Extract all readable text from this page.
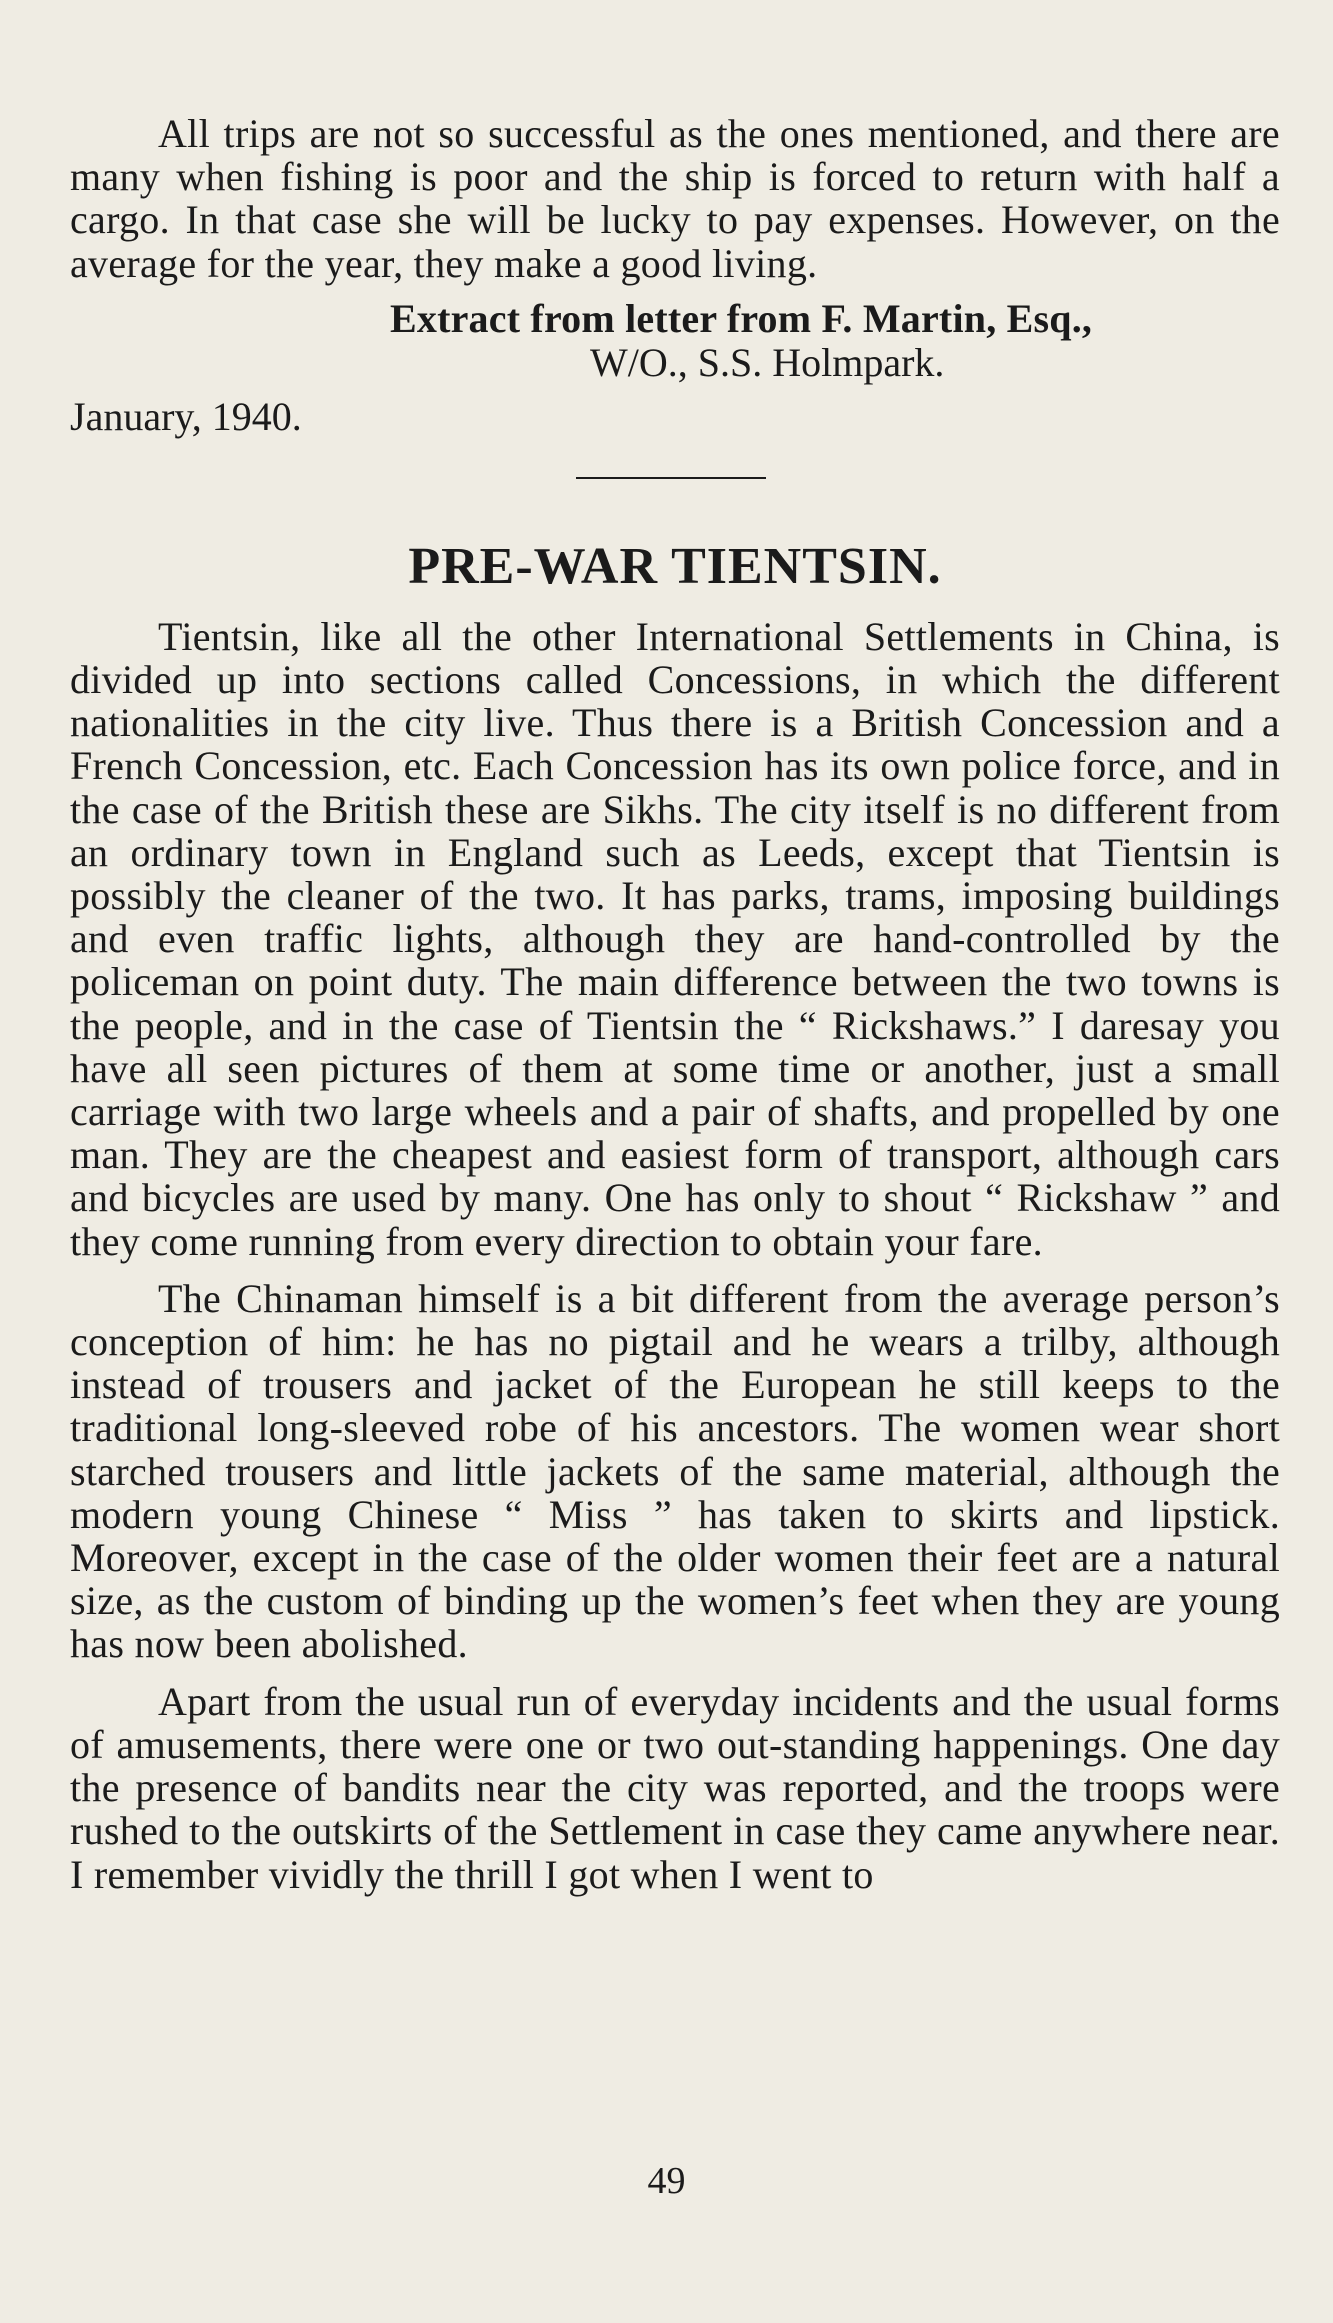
All trips are not so successful as the ones mentioned, and there are many when fishing is poor and the ship is forced to return with half a cargo. In that case she will be lucky to pay expenses. However, on the average for the year, they make a good living.

Extract from letter from F. Martin, Esq.,
W/O., S.S. Holmpark.
January, 1940.
PRE-WAR TIENTSIN.

Tientsin, like all the other International Settlements in China, is divided up into sections called Concessions, in which the different nationalities in the city live. Thus there is a British Concession and a French Concession, etc. Each Concession has its own police force, and in the case of the British these are Sikhs. The city itself is no different from an ordinary town in England such as Leeds, except that Tientsin is possibly the cleaner of the two. It has parks, trams, imposing buildings and even traffic lights, although they are hand-controlled by the policeman on point duty. The main difference between the two towns is the people, and in the case of Tientsin the “ Rickshaws.” I daresay you have all seen pictures of them at some time or another, just a small carriage with two large wheels and a pair of shafts, and propelled by one man. They are the cheapest and easiest form of transport, although cars and bicycles are used by many. One has only to shout “ Rickshaw ” and they come running from every direction to obtain your fare.

The Chinaman himself is a bit different from the average person’s conception of him: he has no pigtail and he wears a trilby, although instead of trousers and jacket of the European he still keeps to the traditional long-sleeved robe of his ancestors. The women wear short starched trousers and little jackets of the same material, although the modern young Chinese “ Miss ” has taken to skirts and lipstick. Moreover, except in the case of the older women their feet are a natural size, as the custom of binding up the women’s feet when they are young has now been abolished.

Apart from the usual run of everyday incidents and the usual forms of amusements, there were one or two out-standing happenings. One day the presence of bandits near the city was reported, and the troops were rushed to the outskirts of the Settlement in case they came anywhere near. I remember vividly the thrill I got when I went to

49
